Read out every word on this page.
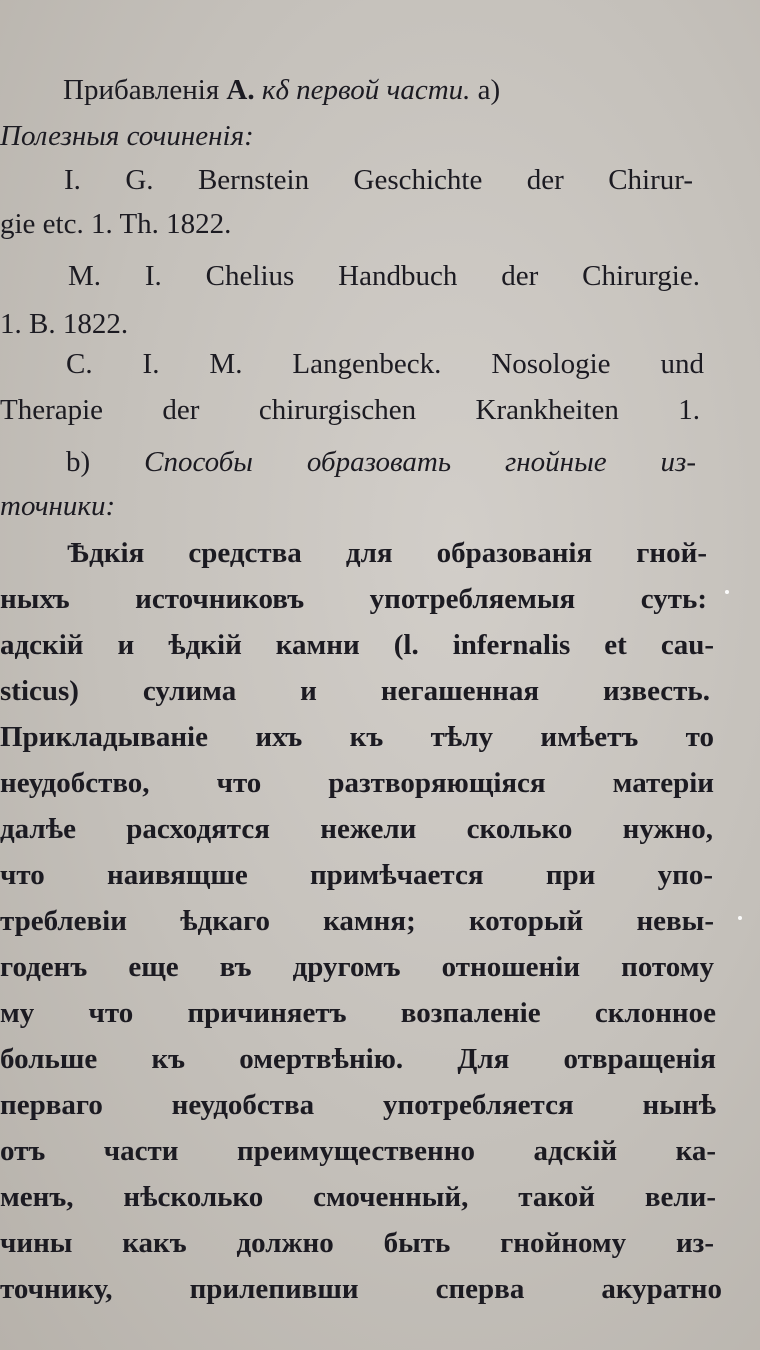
Прибавленія А. кδ первой части. а)
Полезныя сочиненія:
I. G. Bernstein Geschichte der Chirur-
gie etc. 1. Th. 1822.
M. I. Chelius Handbuch der Chirurgie.
1. B. 1822.
C. I. M. Langenbeck. Nosologie und
Therapie der chirurgischen Krankheiten 1.
b) Способы образовать гнойные из-
точники:
Ѣдкія средства для образованія гной-
ныхъ источниковъ употребляемыя суть:
адскій и ѣдкій камни (l. infernalis et cau-
sticus) сулима и негашенная известь.
Прикладываніе ихъ къ тѣлу имѣетъ то
неудобство, что разтворяющіяся матеріи
далѣе расходятся нежели сколько нужно,
что наивящше примѣчается при упо-
треблевіи ѣдкаго камня; который невы-
годенъ еще въ другомъ отношеніи потому
му что причиняетъ возпаленіе склонное
больше къ омертвѣнію. Для отвращенія
перваго неудобства употребляется нынѣ
отъ части преимущественно адскій ка-
менъ, нѣсколько смоченный, такой вели-
чины какъ должно быть гнойному из-
точнику, прилепивши сперва акуратно
